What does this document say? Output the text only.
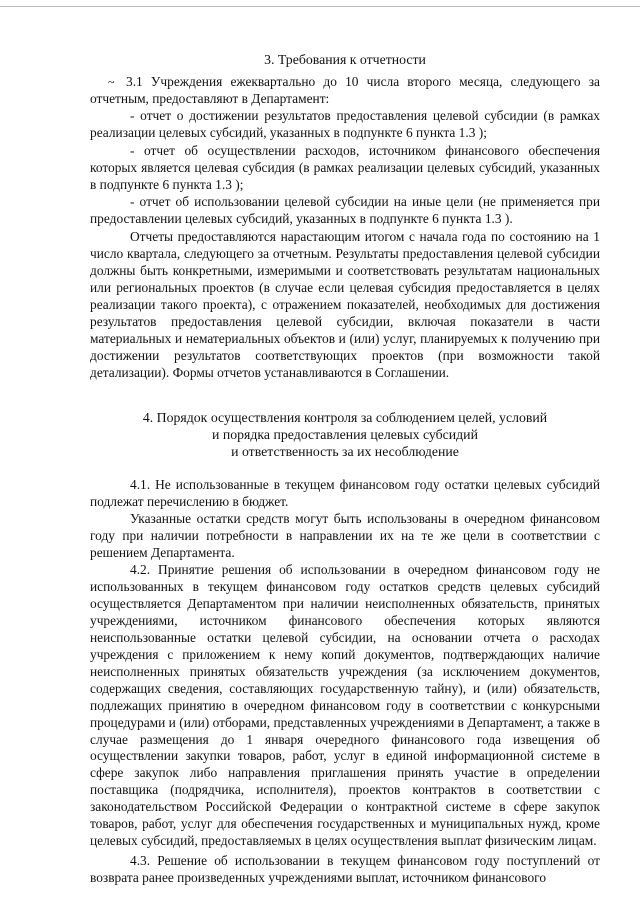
3. Требования к отчетности
~ 3.1 Учреждения ежеквартально до 10 числа второго месяца, следующего за отчетным, предоставляют в Департамент:
- отчет о достижении результатов предоставления целевой субсидии (в рамках реализации целевых субсидий, указанных в подпункте 6 пункта 1.3 );
- отчет об осуществлении расходов, источником финансового обеспечения которых является целевая субсидия (в рамках реализации целевых субсидий, указанных в подпункте 6 пункта 1.3 );
- отчет об использовании целевой субсидии на иные цели (не применяется при предоставлении целевых субсидий, указанных в подпункте 6 пункта 1.3 ).
Отчеты предоставляются нарастающим итогом с начала года по состоянию на 1 число квартала, следующего за отчетным. Результаты предоставления целевой субсидии должны быть конкретными, измеримыми и соответствовать результатам национальных или региональных проектов (в случае если целевая субсидия предоставляется в целях реализации такого проекта), с отражением показателей, необходимых для достижения результатов предоставления целевой субсидии, включая показатели в части материальных и нематериальных объектов и (или) услуг, планируемых к получению при достижении результатов соответствующих проектов (при возможности такой детализации). Формы отчетов устанавливаются в Соглашении.
4. Порядок осуществления контроля за соблюдением целей, условий
и порядка предоставления целевых субсидий
и ответственность за их несоблюдение
4.1. Не использованные в текущем финансовом году остатки целевых субсидий подлежат перечислению в бюджет.
Указанные остатки средств могут быть использованы в очередном финансовом году при наличии потребности в направлении их на те же цели в соответствии с решением Департамента.
4.2. Принятие решения об использовании в очередном финансовом году не использованных в текущем финансовом году остатков средств целевых субсидий осуществляется Департаментом при наличии неисполненных обязательств, принятых учреждениями, источником финансового обеспечения которых являются неиспользованные остатки целевой субсидии, на основании отчета о расходах учреждения с приложением к нему копий документов, подтверждающих наличие неисполненных принятых обязательств учреждения (за исключением документов, содержащих сведения, составляющих государственную тайну), и (или) обязательств, подлежащих принятию в очередном финансовом году в соответствии с конкурсными процедурами и (или) отборами, представленных учреждениями в Департамент, а также в случае размещения до 1 января очередного финансового года извещения об осуществлении закупки товаров, работ, услуг в единой информационной системе в сфере закупок либо направления приглашения принять участие в определении поставщика (подрядчика, исполнителя), проектов контрактов в соответствии с законодательством Российской Федерации о контрактной системе в сфере закупок товаров, работ, услуг для обеспечения государственных и муниципальных нужд, кроме целевых субсидий, предоставляемых в целях осуществления выплат физическим лицам.
4.3. Решение об использовании в текущем финансовом году поступлений от возврата ранее произведенных учреждениями выплат, источником финансового
